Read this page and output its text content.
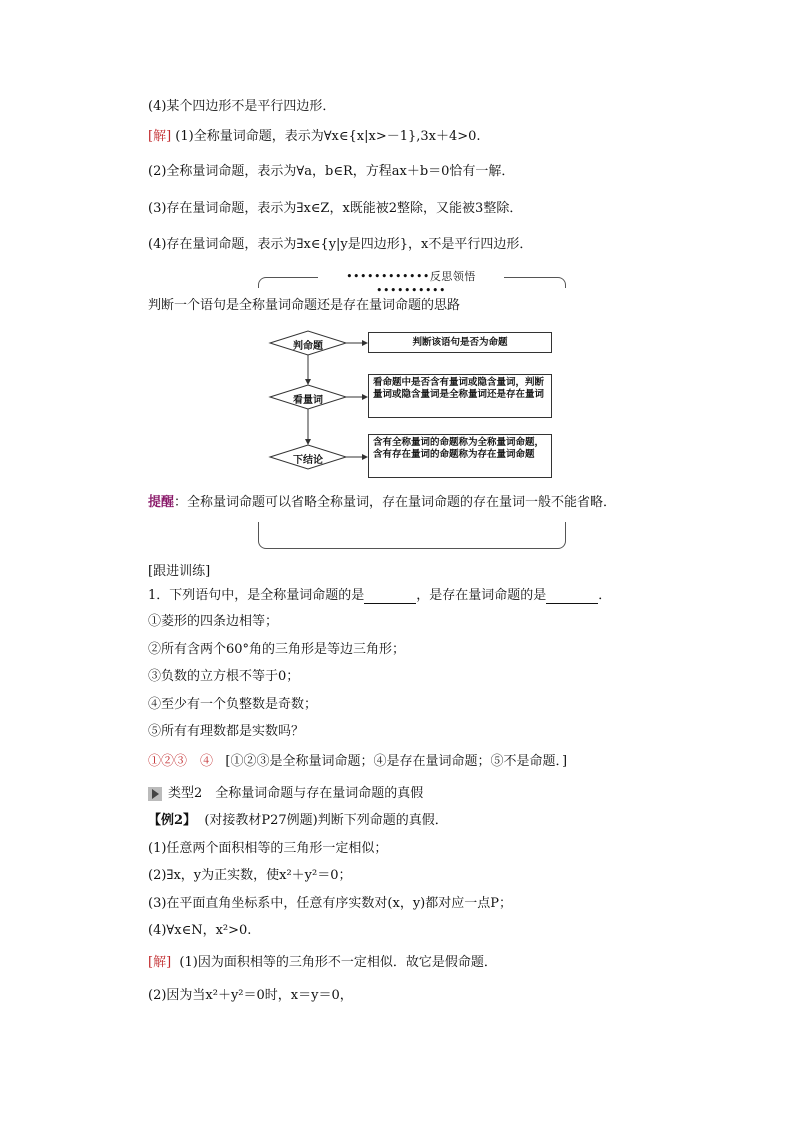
(4)某个四边形不是平行四边形．
[解] (1)全称量词命题，表示为∀x∈{x|x>－1},3x＋4>0.
(2)全称量词命题，表示为∀a，b∈R，方程ax＋b＝0恰有一解．
(3)存在量词命题，表示为∃x∈Z，x既能被2整除，又能被3整除．
(4)存在量词命题，表示为∃x∈{y|y是四边形}，x不是平行四边形．
••••••••••••反思领悟••••••••••
判断一个语句是全称量词命题还是存在量词命题的思路
判命题
看量词
下结论
判断该语句是否为命题
看命题中是否含有量词或隐含量词，判断量词或隐含量词是全称量词还是存在量词
含有全称量词的命题称为全称量词命题，含有存在量词的命题称为存在量词命题
提醒：全称量词命题可以省略全称量词，存在量词命题的存在量词一般不能省略．
[跟进训练]
1．下列语句中，是全称量词命题的是	，是存在量词命题的是	．
①菱形的四条边相等；
②所有含两个60°角的三角形是等边三角形；
③负数的立方根不等于0；
④至少有一个负整数是奇数；
⑤所有有理数都是实数吗？
①②③　④ [①②③是全称量词命题；④是存在量词命题；⑤不是命题．]
类型2　全称量词命题与存在量词命题的真假
【例2】 (对接教材P27例题)判断下列命题的真假．
(1)任意两个面积相等的三角形一定相似；
(2)∃x，y为正实数，使x²＋y²＝0；
(3)在平面直角坐标系中，任意有序实数对(x，y)都对应一点P；
(4)∀x∈N，x²>0.
[解] (1)因为面积相等的三角形不一定相似．故它是假命题．
(2)因为当x²＋y²＝0时，x＝y＝0，
